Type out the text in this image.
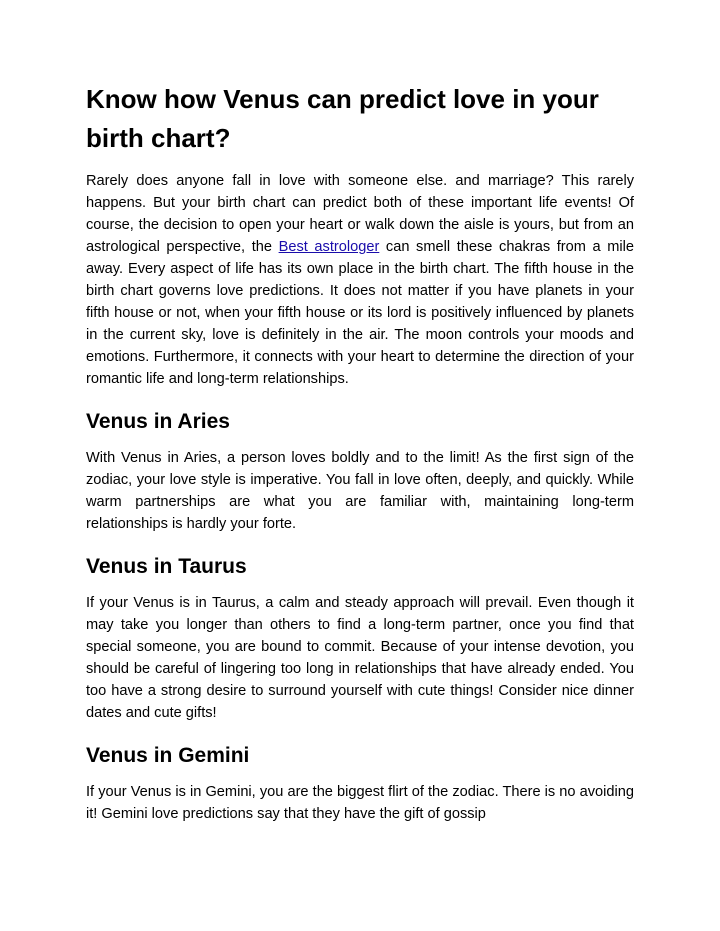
Know how Venus can predict love in your birth chart?

Rarely does anyone fall in love with someone else. and marriage? This rarely happens. But your birth chart can predict both of these important life events! Of course, the decision to open your heart or walk down the aisle is yours, but from an astrological perspective, the Best astrologer can smell these chakras from a mile away. Every aspect of life has its own place in the birth chart. The fifth house in the birth chart governs love predictions. It does not matter if you have planets in your fifth house or not, when your fifth house or its lord is positively influenced by planets in the current sky, love is definitely in the air. The moon controls your moods and emotions. Furthermore, it connects with your heart to determine the direction of your romantic life and long-term relationships.

Venus in Aries

With Venus in Aries, a person loves boldly and to the limit! As the first sign of the zodiac, your love style is imperative. You fall in love often, deeply, and quickly. While warm partnerships are what you are familiar with, maintaining long-term relationships is hardly your forte.

Venus in Taurus

If your Venus is in Taurus, a calm and steady approach will prevail. Even though it may take you longer than others to find a long-term partner, once you find that special someone, you are bound to commit. Because of your intense devotion, you should be careful of lingering too long in relationships that have already ended. You too have a strong desire to surround yourself with cute things! Consider nice dinner dates and cute gifts!

Venus in Gemini

If your Venus is in Gemini, you are the biggest flirt of the zodiac. There is no avoiding it! Gemini love predictions say that they have the gift of gossip
